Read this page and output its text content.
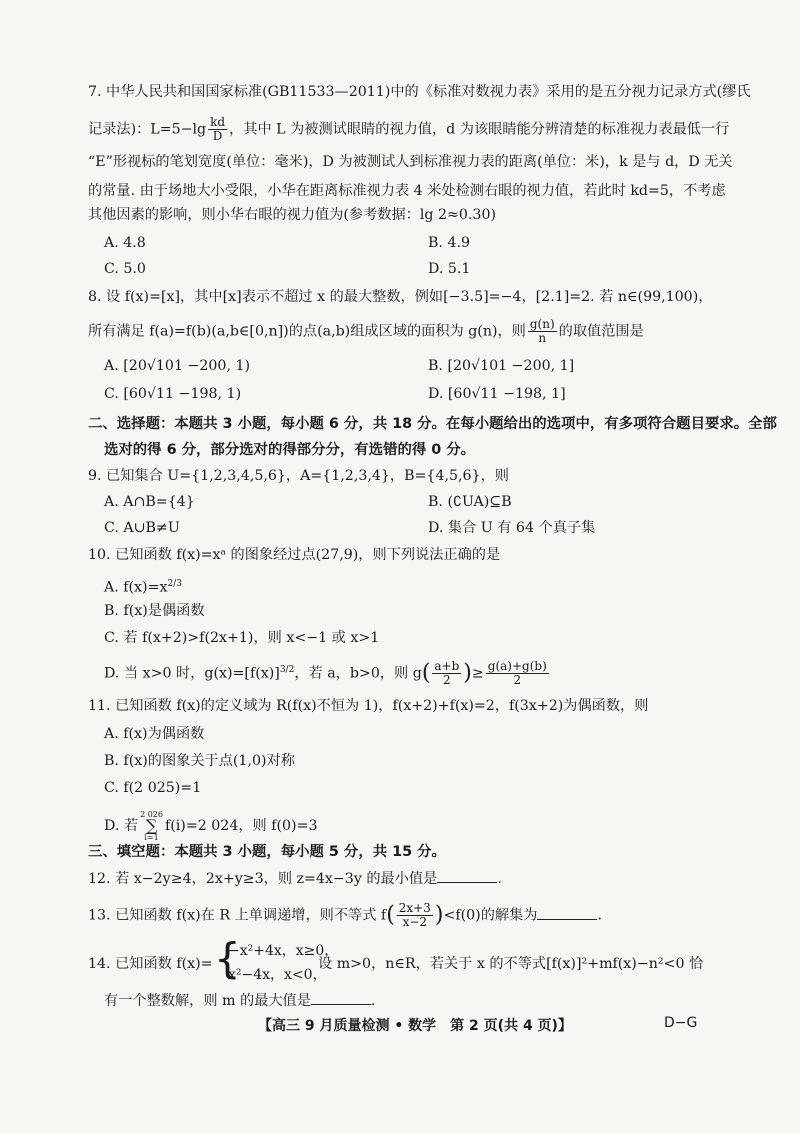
7. 中华人民共和国国家标准(GB11533—2011)中的《标准对数视力表》采用的是五分视力记录方式(缪氏
记录法)：$L=5-\lg \frac{kd}{D}$ ，其中 L 为被测试眼睛的视力值，d 为该眼睛能分辨清楚的标准视力表最低一行
“E”形视标的笔划宽度(单位：毫米)，D 为被测试人到标准视力表的距离(单位：米)，k 是与 d，D 无关
的常量. 由于场地大小受限，小华在距离标准视力表 4 米处检测右眼的视力值，若此时 kd=5，不考虑
其他因素的影响，则小华右眼的视力值为(参考数据：lg 2≈0.30)
A. 4.8	B. 4.9
C. 5.0	D. 5.1
8. 设 f(x)=[x]，其中[x]表示不超过 x 的最大整数，例如[−3.5]=−4，[2.1]=2. 若 n∈(99,100)，
所有满足 f(a)=f(b)(a,b∈[0,n])的点(a,b)组成区域的面积为 g(n)，则 $\frac{g(n)}{n}$ 的取值范围是
A. [20√101 −200, 1)	B. [20√101 −200, 1]
C. [60√11 −198, 1)	D. [60√11 −198, 1]
二、选择题：本题共 3 小题，每小题 6 分，共 18 分。在每小题给出的选项中，有多项符合题目要求。全部
选对的得 6 分，部分选对的得部分分，有选错的得 0 分。
9. 已知集合 U={1,2,3,4,5,6}，A={1,2,3,4}，B={4,5,6}，则
A. A∩B={4}	B. (∁UA)⊆B
C. A∪B≠U	D. 集合 U 有 64 个真子集
10. 已知函数 f(x)=xᵃ 的图象经过点(27,9)，则下列说法正确的是
A. $f(x)=x^{2/3}$
B. f(x)是偶函数
C. 若 f(x+2)>f(2x+1)，则 x<−1 或 x>1
D. 当 x>0 时，$g(x)=[f(x)]^{3/2}$，若 a，b>0，则 $g( \frac{a+b}{2}$ )≥ $\frac{g(a)+g(b)}{2}$
11. 已知函数 f(x)的定义域为 R(f(x)不恒为 1)，f(x+2)+f(x)=2，f(3x+2)为偶函数，则
A. f(x)为偶函数
B. f(x)的图象关于点(1,0)对称
C. f(2 025)=1
D. 若
2 026
∑
i=1
f(i)=2 024，则 f(0)=3
三、填空题：本题共 3 小题，每小题 5 分，共 15 分。
12. 若 x−2y≥4，2x+y≥3，则 z=4x−3y 的最小值是	.
13. 已知函数 f(x)在 R 上单调递增，则不等式 $f( \frac{2x+3}{x-2} )<f(0)$的解集为	.
14. 已知函数 f(x)= {
−x²+4x，x≥0，
x²−4x，x<0，
设 m>0，n∈R，若关于 x 的不等式[f(x)]²+mf(x)−n²<0 恰
有一个整数解，则 m 的最大值是	.
【高三 9 月质量检测 • 数学　第 2 页(共 4 页)】	D−G
